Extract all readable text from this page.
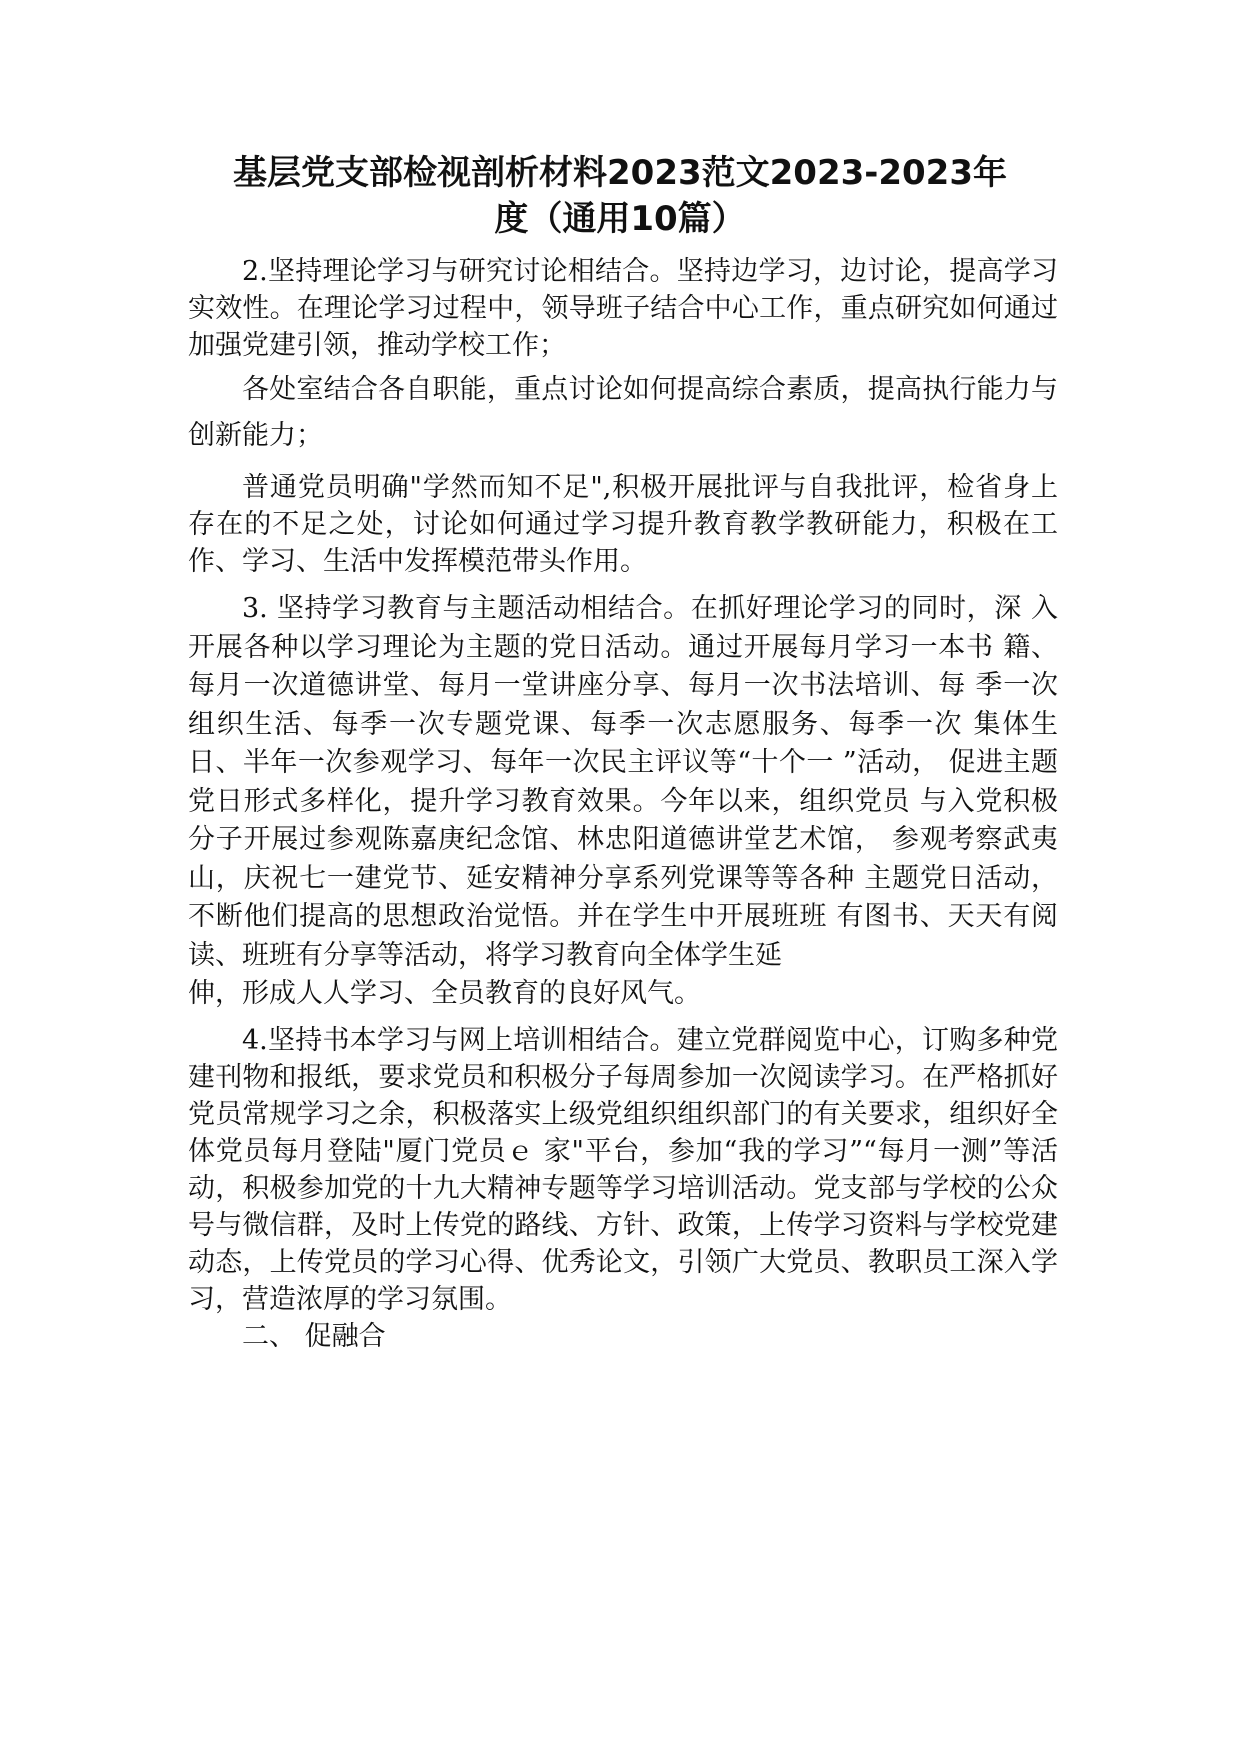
基层党支部检视剖析材料2023范文2023-2023年
度（通用10篇）

2.坚持理论学习与研究讨论相结合。坚持边学习，边讨论，提高学习实效性。在理论学习过程中，领导班子结合中心工作，重点研究如何通过加强党建引领，推动学校工作；

各处室结合各自职能，重点讨论如何提高综合素质，提高执行能力与创新能力；

普通党员明确"学然而知不足",积极开展批评与自我批评，检省身上存在的不足之处，讨论如何通过学习提升教育教学教研能力，积极在工作、学习、生活中发挥模范带头作用。

3. 坚持学习教育与主题活动相结合。在抓好理论学习的同时，深 入开展各种以学习理论为主题的党日活动。通过开展每月学习一本书 籍、每月一次道德讲堂、每月一堂讲座分享、每月一次书法培训、每 季一次组织生活、每季一次专题党课、每季一次志愿服务、每季一次 集体生日、半年一次参观学习、每年一次民主评议等“十个一 ”活动， 促进主题党日形式多样化，提升学习教育效果。今年以来，组织党员 与入党积极分子开展过参观陈嘉庚纪念馆、林忠阳道德讲堂艺术馆， 参观考察武夷山，庆祝七一建党节、延安精神分享系列党课等等各种 主题党日活动，不断他们提高的思想政治觉悟。并在学生中开展班班 有图书、天天有阅读、班班有分享等活动，将学习教育向全体学生延

伸，形成人人学习、全员教育的良好风气。

4.坚持书本学习与网上培训相结合。建立党群阅览中心，订购多种党建刊物和报纸，要求党员和积极分子每周参加一次阅读学习。在严格抓好党员常规学习之余，积极落实上级党组织组织部门的有关要求，组织好全体党员每月登陆"厦门党员ｅ 家"平台，参加“我的学习”“每月一测”等活动，积极参加党的十九大精神专题等学习培训活动。党支部与学校的公众号与微信群，及时上传党的路线、方针、政策，上传学习资料与学校党建动态，上传党员的学习心得、优秀论文，引领广大党员、教职员工深入学习，营造浓厚的学习氛围。

二、 促融合
